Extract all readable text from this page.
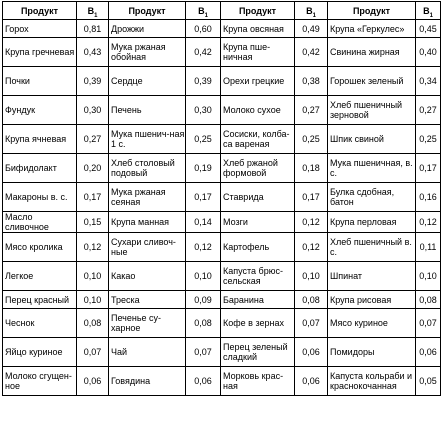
Продукт	$B_1$	Продукт	$B_1$	Продукт	$B_1$	Продукт	$B_1$
Горох	0,81	Дрожжи	0,60	Крупа овсяная	0,49	Крупа «Геркулес»	0,45
Крупа гречневая	0,43	Мука ржаная обойная	0,42	Крупа пше-ничная	0,42	Свинина жирная	0,40
Почки	0,39	Сердце	0,39	Орехи грецкие	0,38	Горошек зеленый	0,34
Фундук	0,30	Печень	0,30	Молоко сухое	0,27	Хлеб пшеничный зерновой	0,27
Крупа ячневая	0,27	Мука пшенич-ная 1 с.	0,25	Сосиски, колба-са вареная	0,25	Шпик свиной	0,25
Бифидолакт	0,20	Хлеб столовый подовый	0,19	Хлеб ржаной формовой	0,18	Мука пшеничная, в. с.	0,17
Макароны в. с.	0,17	Мука ржаная сеяная	0,17	Ставрида	0,17	Булка сдобная, батон	0,16
Масло сливочное	0,15	Крупа манная	0,14	Мозги	0,12	Крупа перловая	0,12
Мясо кролика	0,12	Сухари сливоч-ные	0,12	Картофель	0,12	Хлеб пшеничный в. с.	0,11
Легкое	0,10	Какао	0,10	Капуста брюс-сельская	0,10	Шпинат	0,10
Перец красный	0,10	Треска	0,09	Баранина	0,08	Крупа рисовая	0,08
Чеснок	0,08	Печенье су-харное	0,08	Кофе в зернах	0,07	Мясо куриное	0,07
Яйцо куриное	0,07	Чай	0,07	Перец зеленый сладкий	0,06	Помидоры	0,06
Молоко сгущен-ное	0,06	Говядина	0,06	Морковь крас-ная	0,06	Капуста кольраби и краснокочанная	0,05
